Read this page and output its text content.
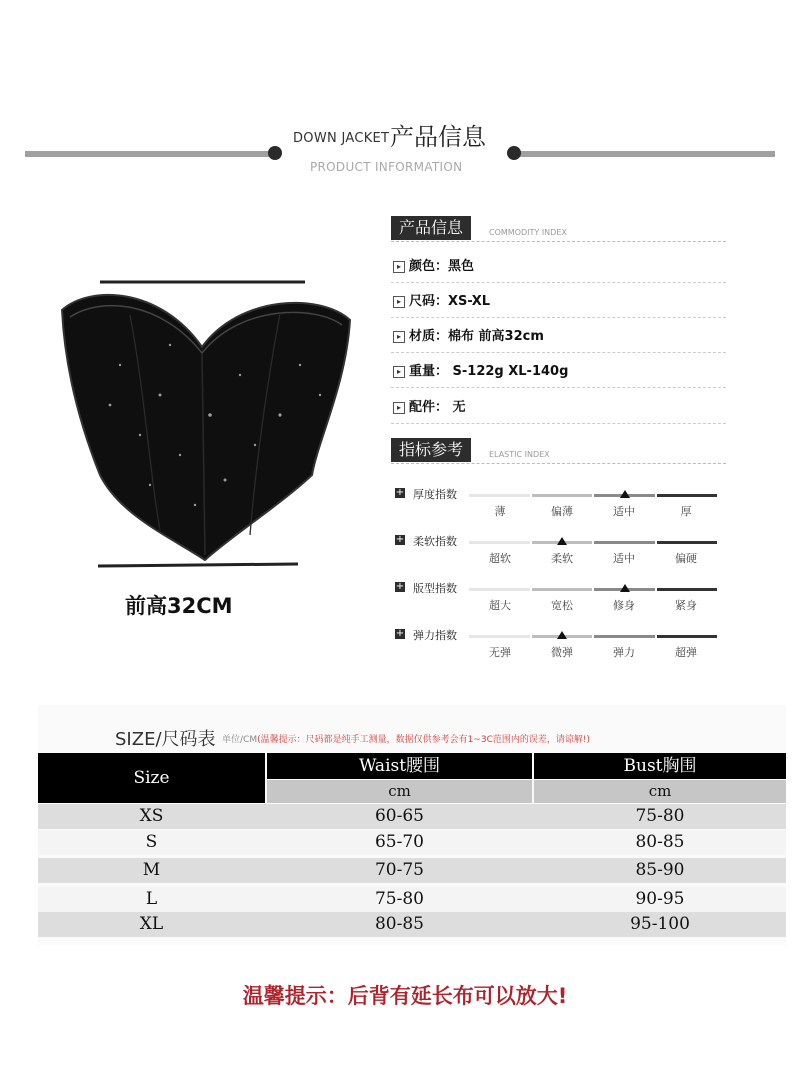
DOWN JACKET 产品信息
PRODUCT INFORMATION
前高32CM
产品信息	COMMODITY INDEX
▸ 颜色：黑色
▸ 尺码：XS-XL
▸ 材质：棉布 前高32cm
▸ 重量： S-122g XL-140g
▸ 配件： 无
指标参考	ELASTIC INDEX
+ 厚度指数
薄	偏薄	适中	厚
+ 柔软指数
超软	柔软	适中	偏硬
+ 版型指数
超大	宽松	修身	紧身
+ 弹力指数
无弹	微弹	弹力	超弹
SIZE/尺码表 单位/CM(温馨提示：尺码都是纯手工测量，数据仅供参考会有1~3C范围内的误差，请谅解!)
Size
Waist腰围	Bust胸围
cm	cm
XS	60-65	75-80
S	65-70	80-85
M	70-75	85-90
L	75-80	90-95
XL	80-85	95-100
温馨提示：后背有延长布可以放大!
